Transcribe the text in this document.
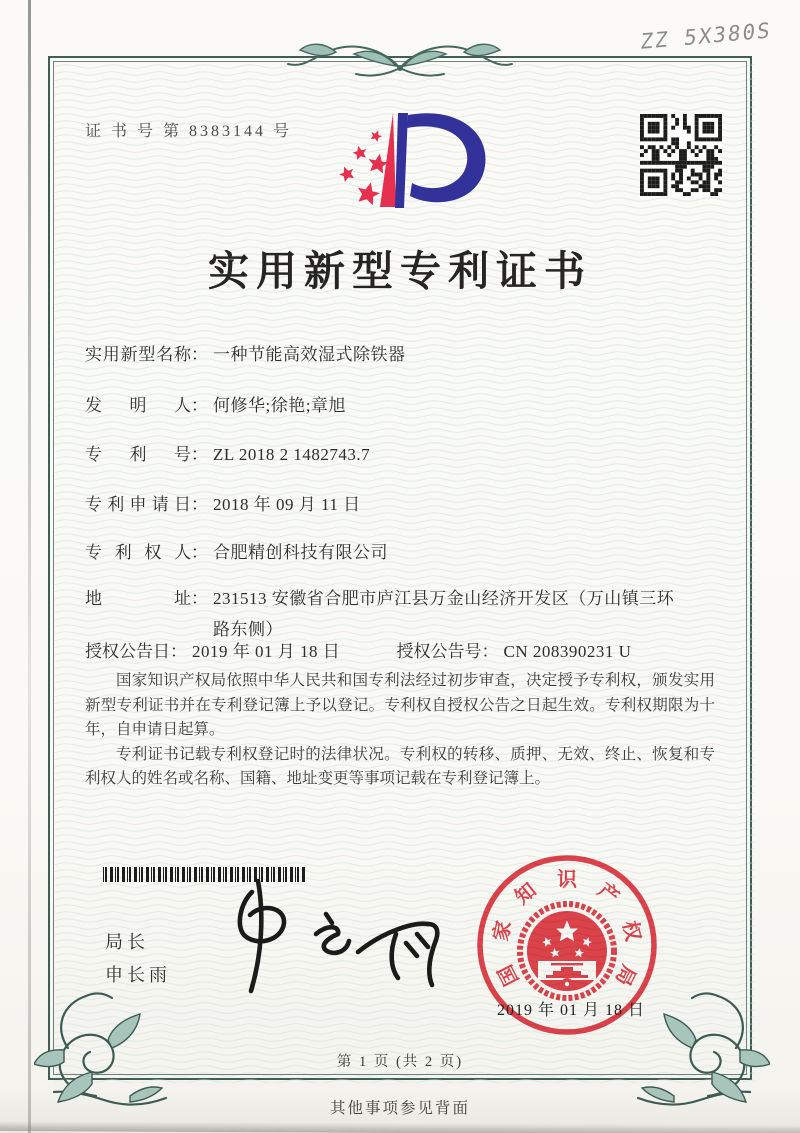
证 书 号 第 8383144 号
ZZ 5X380S
实用新型专利证书
实用新型名称： 一种节能高效湿式除铁器
发明人： 何修华;徐艳;章旭
专利号： ZL 2018 2 1482743.7
专利申请日： 2018 年 09 月 11 日
专利权人： 合肥精创科技有限公司
地址： 231513 安徽省合肥市庐江县万金山经济开发区（万山镇三环路东侧）
授权公告日： 2019 年 01 月 18 日	授权公告号： CN 208390231 U

国家知识产权局依照中华人民共和国专利法经过初步审查，决定授予专利权，颁发实用新型专利证书并在专利登记簿上予以登记。专利权自授权公告之日起生效。专利权期限为十年，自申请日起算。

专利证书记载专利权登记时的法律状况。专利权的转移、质押、无效、终止、恢复和专利权人的姓名或名称、国籍、地址变更等事项记载在专利登记簿上。

局长
申长雨	国
家
知 识 产
权
局
2019 年 01 月 18 日
第 1 页 (共 2 页)
其他事项参见背面
